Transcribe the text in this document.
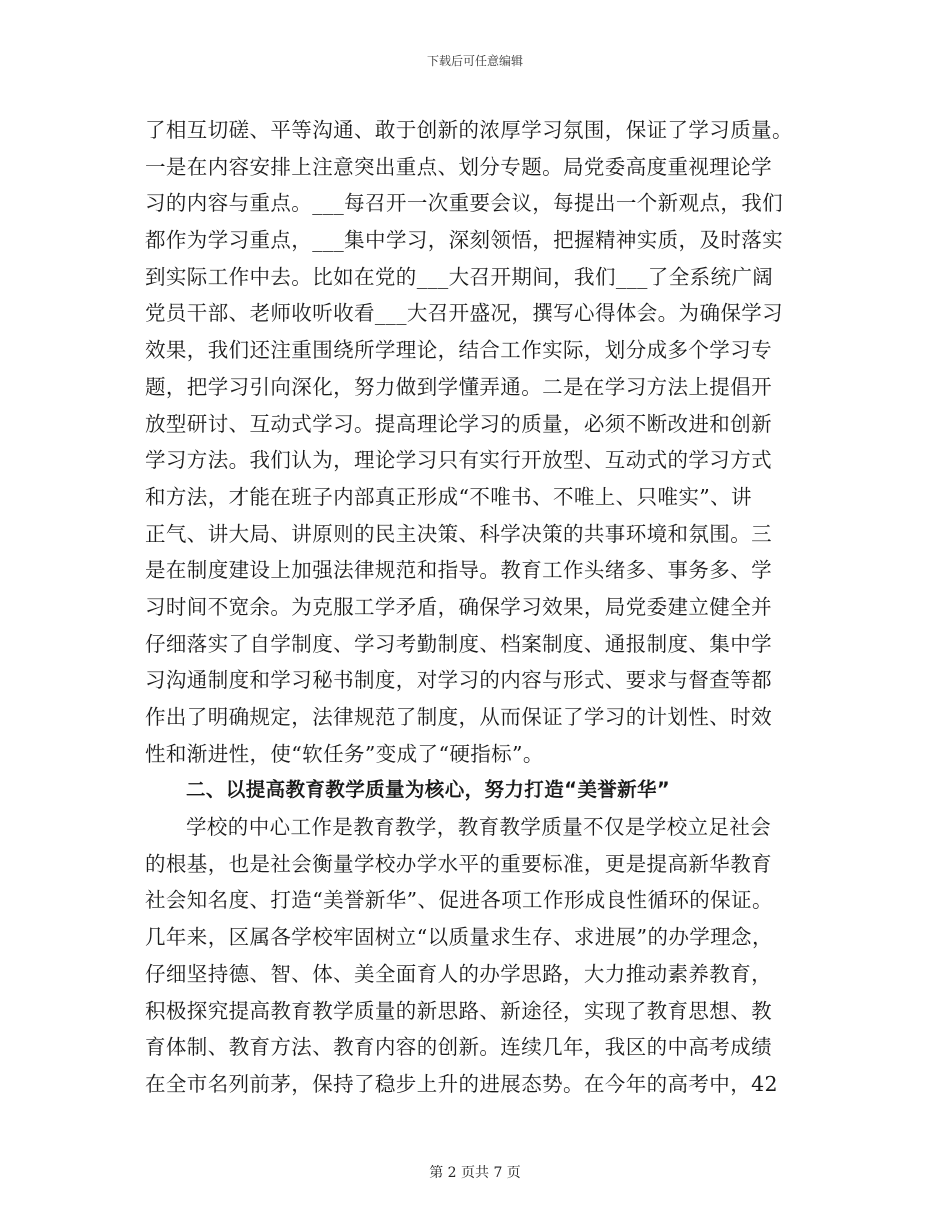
下载后可任意编辑
了相互切磋、平等沟通、敢于创新的浓厚学习氛围，保证了学习质量。
一是在内容安排上注意突出重点、划分专题。局党委高度重视理论学
习的内容与重点。___每召开一次重要会议，每提出一个新观点，我们
都作为学习重点，___集中学习，深刻领悟，把握精神实质，及时落实
到实际工作中去。比如在党的___大召开期间，我们___了全系统广阔
党员干部、老师收听收看___大召开盛况，撰写心得体会。为确保学习
效果，我们还注重围绕所学理论，结合工作实际，划分成多个学习专
题，把学习引向深化，努力做到学懂弄通。二是在学习方法上提倡开
放型研讨、互动式学习。提高理论学习的质量，必须不断改进和创新
学习方法。我们认为，理论学习只有实行开放型、互动式的学习方式
和方法，才能在班子内部真正形成“不唯书、不唯上、只唯实”、讲
正气、讲大局、讲原则的民主决策、科学决策的共事环境和氛围。三
是在制度建设上加强法律规范和指导。教育工作头绪多、事务多、学
习时间不宽余。为克服工学矛盾，确保学习效果，局党委建立健全并
仔细落实了自学制度、学习考勤制度、档案制度、通报制度、集中学
习沟通制度和学习秘书制度，对学习的内容与形式、要求与督查等都
作出了明确规定，法律规范了制度，从而保证了学习的计划性、时效
性和渐进性，使“软任务”变成了“硬指标”。
二、以提高教育教学质量为核心，努力打造“美誉新华”
学校的中心工作是教育教学，教育教学质量不仅是学校立足社会
的根基，也是社会衡量学校办学水平的重要标准，更是提高新华教育
社会知名度、打造“美誉新华”、促进各项工作形成良性循环的保证。
几年来，区属各学校牢固树立“以质量求生存、求进展”的办学理念，
仔细坚持德、智、体、美全面育人的办学思路，大力推动素养教育，
积极探究提高教育教学质量的新思路、新途径，实现了教育思想、教
育体制、教育方法、教育内容的创新。连续几年，我区的中高考成绩
在全市名列前茅，保持了稳步上升的进展态势。在今年的高考中，42
第 2 页共 7 页
